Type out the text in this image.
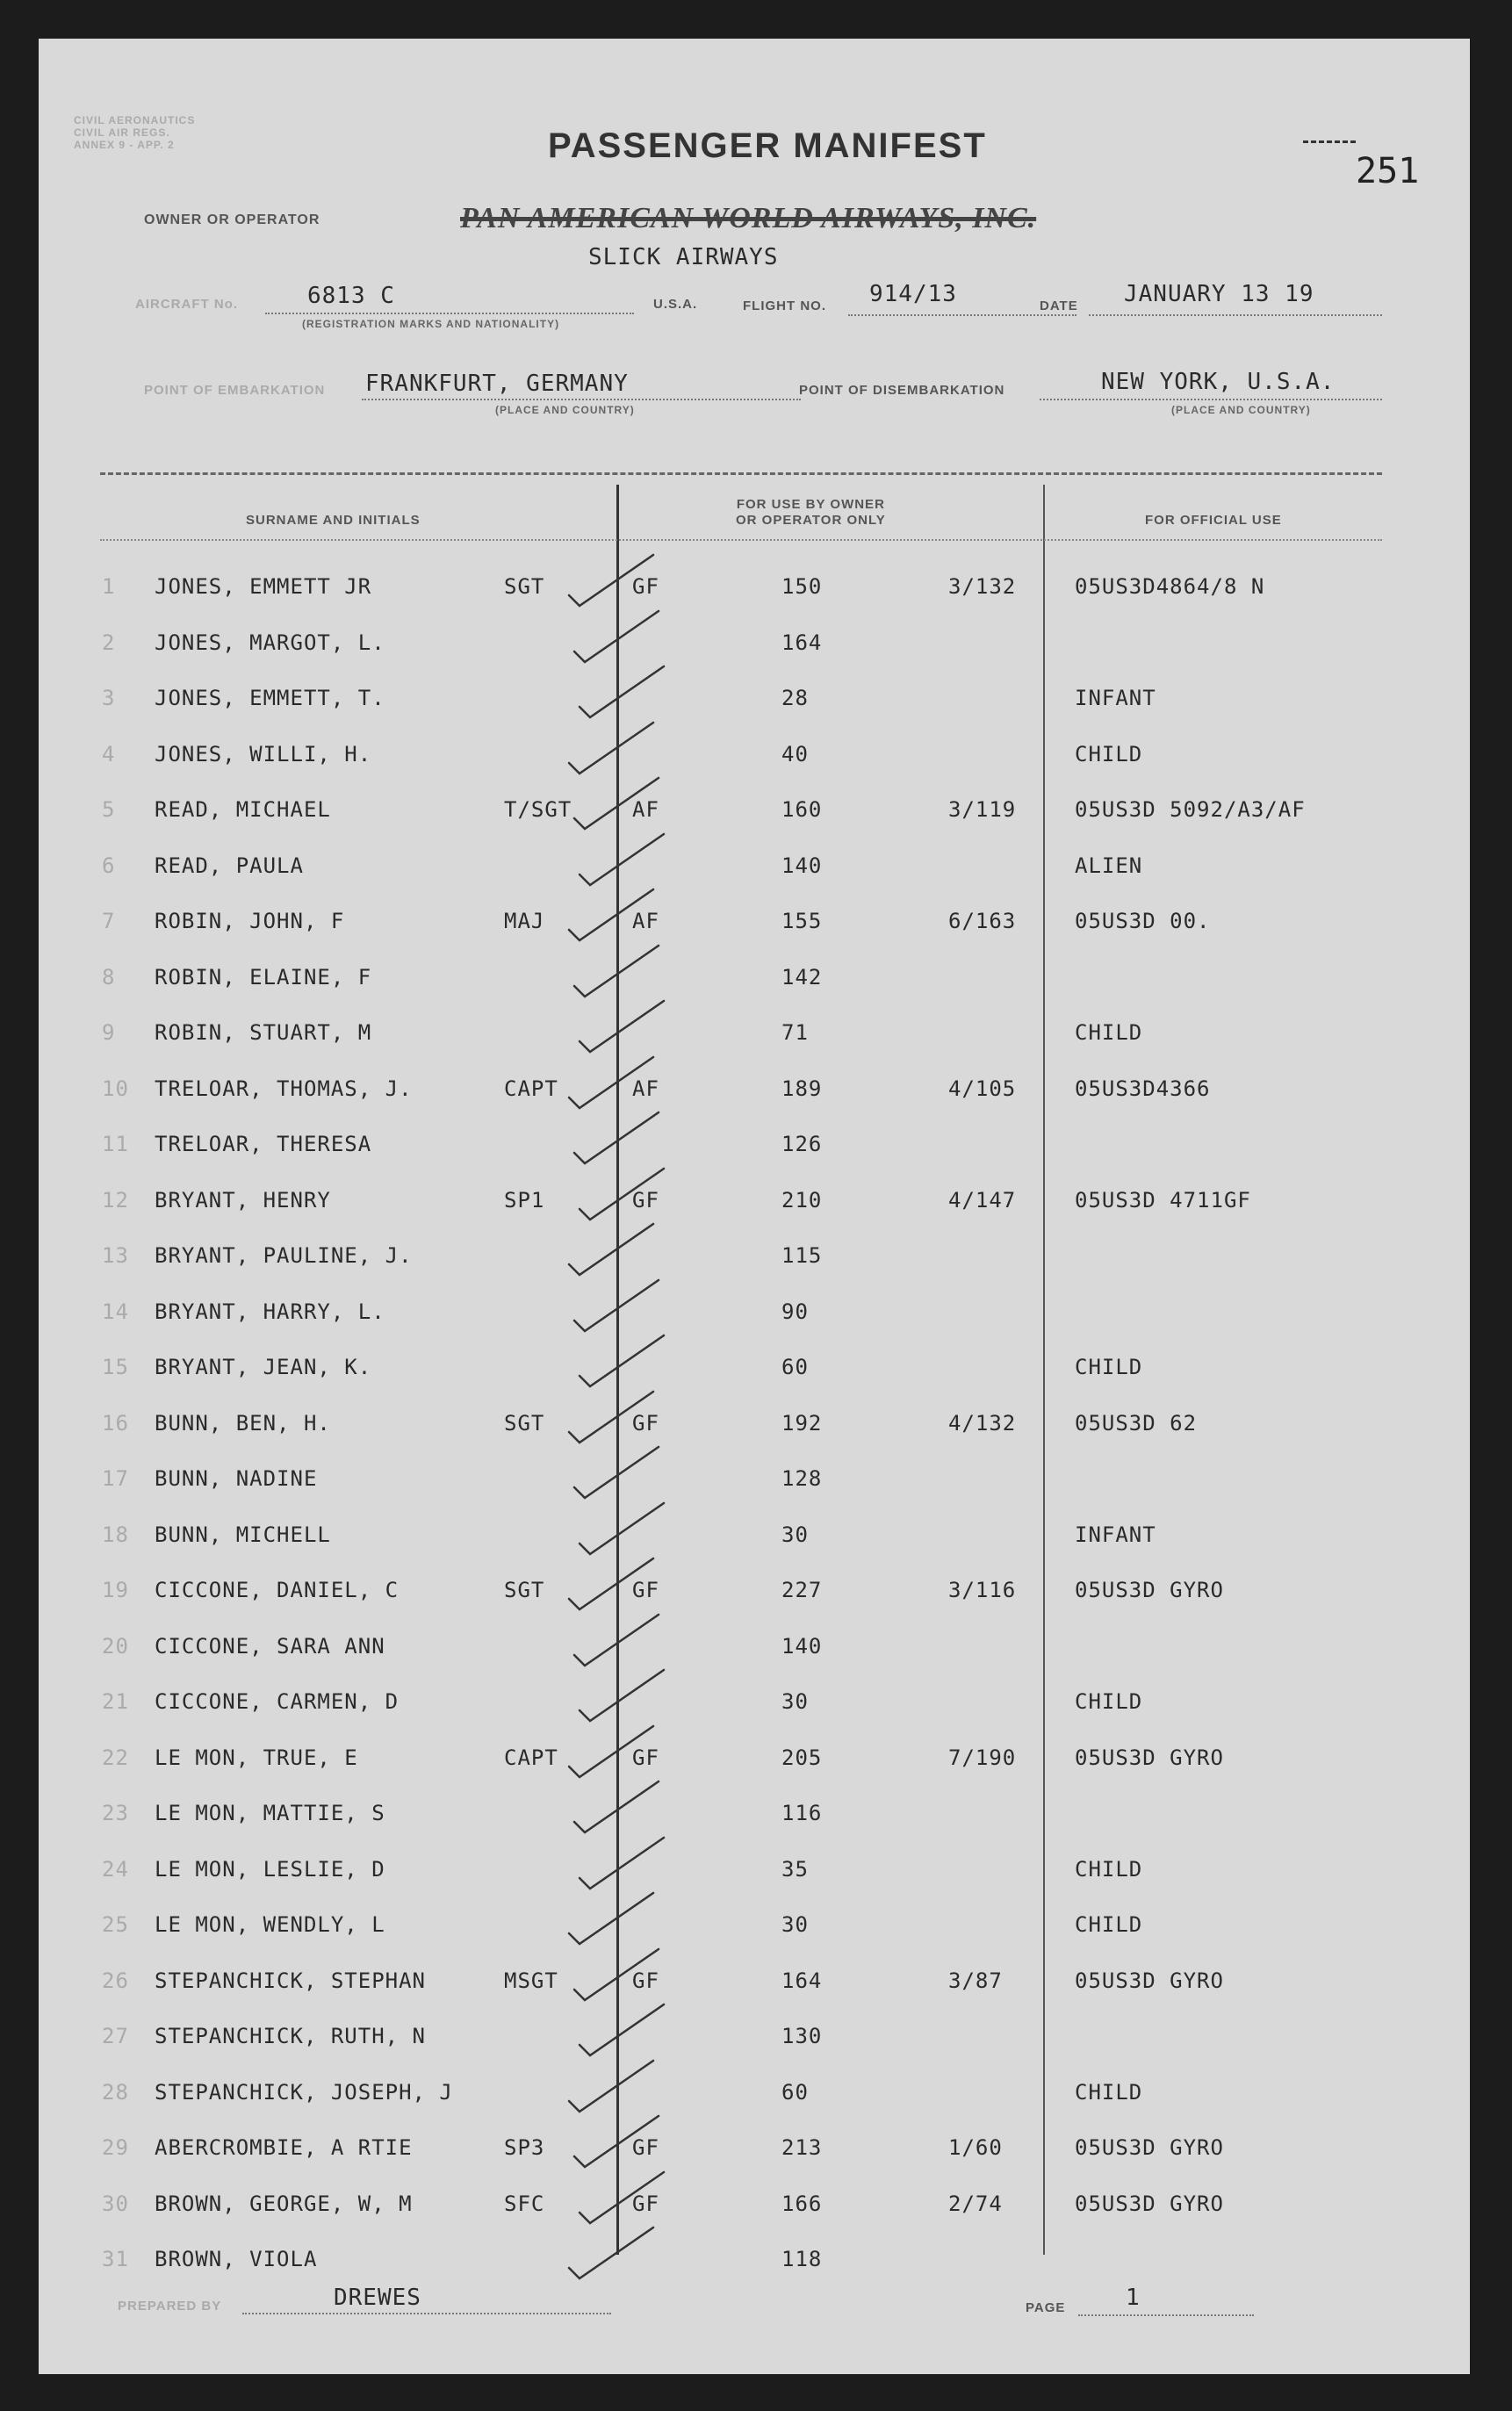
CIVIL AERONAUTICS
CIVIL AIR REGS.
ANNEX 9 - APP. 2	PASSENGER MANIFEST
251
OWNER OR OPERATOR	PAN AMERICAN WORLD AIRWAYS, INC.
SLICK AIRWAYS
AIRCRAFT No.	6813 C
(REGISTRATION MARKS AND NATIONALITY)
U.S.A.	FLIGHT NO. 914/13	DATE JANUARY 13 19
POINT OF EMBARKATION FRANKFURT, GERMANY
(PLACE AND COUNTRY)
POINT OF DISEMBARKATION	NEW YORK, U.S.A.
(PLACE AND COUNTRY)
SURNAME AND INITIALS
FOR USE BY OWNER
OR OPERATOR ONLY	FOR OFFICIAL USE
1 JONES, EMMETT JR	SGT	GF	150	3/132	05US3D4864/8 N
2 JONES, MARGOT, L.	164
3 JONES, EMMETT, T.	28	INFANT
4 JONES, WILLI, H.	40	CHILD
5 READ, MICHAEL	T/SGT	AF	160	3/119	05US3D 5092/A3/AF
6 READ, PAULA	140	ALIEN
7 ROBIN, JOHN, F	MAJ	AF	155	6/163	05US3D 00.
8 ROBIN, ELAINE, F	142
9 ROBIN, STUART, M	71	CHILD
10 TRELOAR, THOMAS, J.	CAPT	AF	189	4/105	05US3D4366
11 TRELOAR, THERESA	126
12 BRYANT, HENRY	SP1	GF	210	4/147	05US3D 4711GF
13 BRYANT, PAULINE, J.	115
14 BRYANT, HARRY, L.	90
15 BRYANT, JEAN, K.	60	CHILD
16 BUNN, BEN, H.	SGT	GF	192	4/132	05US3D 62
17 BUNN, NADINE	128
18 BUNN, MICHELL	30	INFANT
19 CICCONE, DANIEL, C	SGT	GF	227	3/116	05US3D GYRO
20 CICCONE, SARA ANN	140
21 CICCONE, CARMEN, D	30	CHILD
22 LE MON, TRUE, E	CAPT	GF	205	7/190	05US3D GYRO
23 LE MON, MATTIE, S	116
24 LE MON, LESLIE, D	35	CHILD
25 LE MON, WENDLY, L	30	CHILD
26 STEPANCHICK, STEPHAN	MSGT	GF	164	3/87	05US3D GYRO
27 STEPANCHICK, RUTH, N	130
28 STEPANCHICK, JOSEPH, J	60	CHILD
29 ABERCROMBIE, A RTIE	SP3	GF	213	1/60	05US3D GYRO
30 BROWN, GEORGE, W, M	SFC	GF	166	2/74	05US3D GYRO
31 BROWN, VIOLA	118
PREPARED BY	DREWES	PAGE	1
